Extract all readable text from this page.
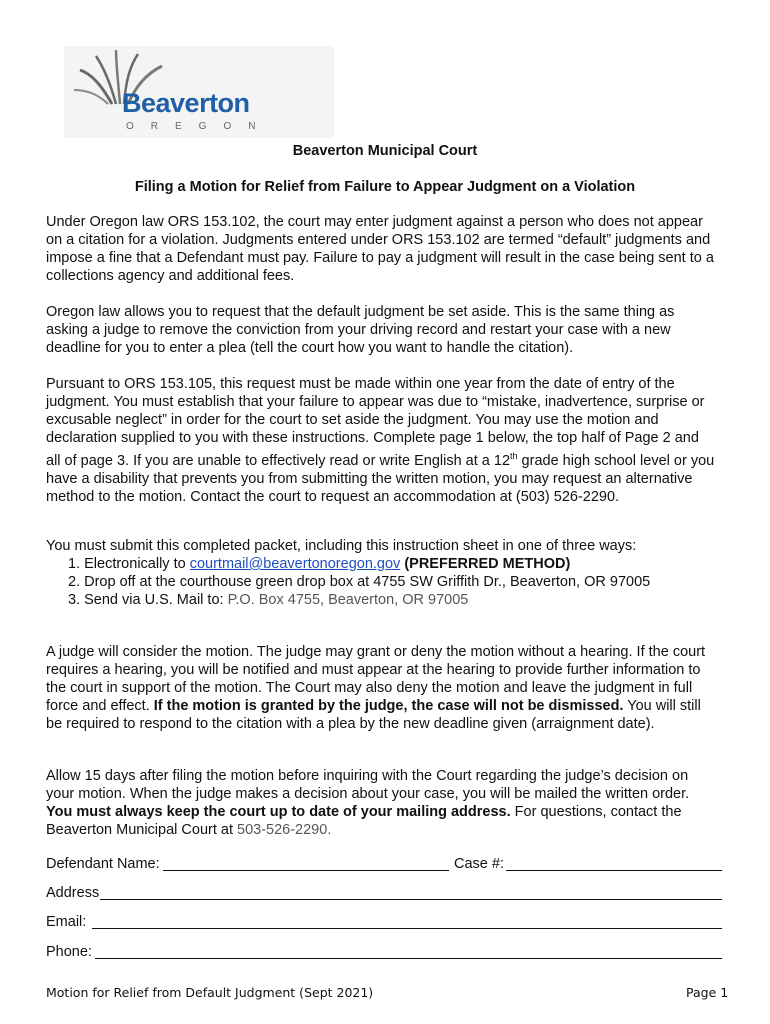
Beaverton
OREGON
Beaverton Municipal Court
Filing a Motion for Relief from Failure to Appear Judgment on a Violation
Under Oregon law ORS 153.102, the court may enter judgment against a person who does not appear on a citation for a violation. Judgments entered under ORS 153.102 are termed “default” judgments and impose a fine that a Defendant must pay. Failure to pay a judgment will result in the case being sent to a collections agency and additional fees.
Oregon law allows you to request that the default judgment be set aside. This is the same thing as asking a judge to remove the conviction from your driving record and restart your case with a new deadline for you to enter a plea (tell the court how you want to handle the citation).
Pursuant to ORS 153.105, this request must be made within one year from the date of entry of the judgment. You must establish that your failure to appear was due to “mistake, inadvertence, surprise or excusable neglect” in order for the court to set aside the judgment. You may use the motion and declaration supplied to you with these instructions. Complete page 1 below, the top half of Page 2 and all of page 3. If you are unable to effectively read or write English at a 12th grade high school level or you have a disability that prevents you from submitting the written motion, you may request an alternative method to the motion. Contact the court to request an accommodation at (503) 526-2290.
You must submit this completed packet, including this instruction sheet in one of three ways:
1. Electronically to courtmail@beavertonoregon.gov (PREFERRED METHOD)
2. Drop off at the courthouse green drop box at 4755 SW Griffith Dr., Beaverton, OR 97005
3. Send via U.S. Mail to: P.O. Box 4755, Beaverton, OR 97005
A judge will consider the motion. The judge may grant or deny the motion without a hearing. If the court requires a hearing, you will be notified and must appear at the hearing to provide further information to the court in support of the motion. The Court may also deny the motion and leave the judgment in full force and effect. If the motion is granted by the judge, the case will not be dismissed. You will still be required to respond to the citation with a plea by the new deadline given (arraignment date).
Allow 15 days after filing the motion before inquiring with the Court regarding the judge’s decision on your motion. When the judge makes a decision about your case, you will be mailed the written order. You must always keep the court up to date of your mailing address. For questions, contact the Beaverton Municipal Court at 503-526-2290.
Defendant Name:	Case #:
Address
Email:
Phone:
Motion for Relief from Default Judgment (Sept 2021)	Page 1
